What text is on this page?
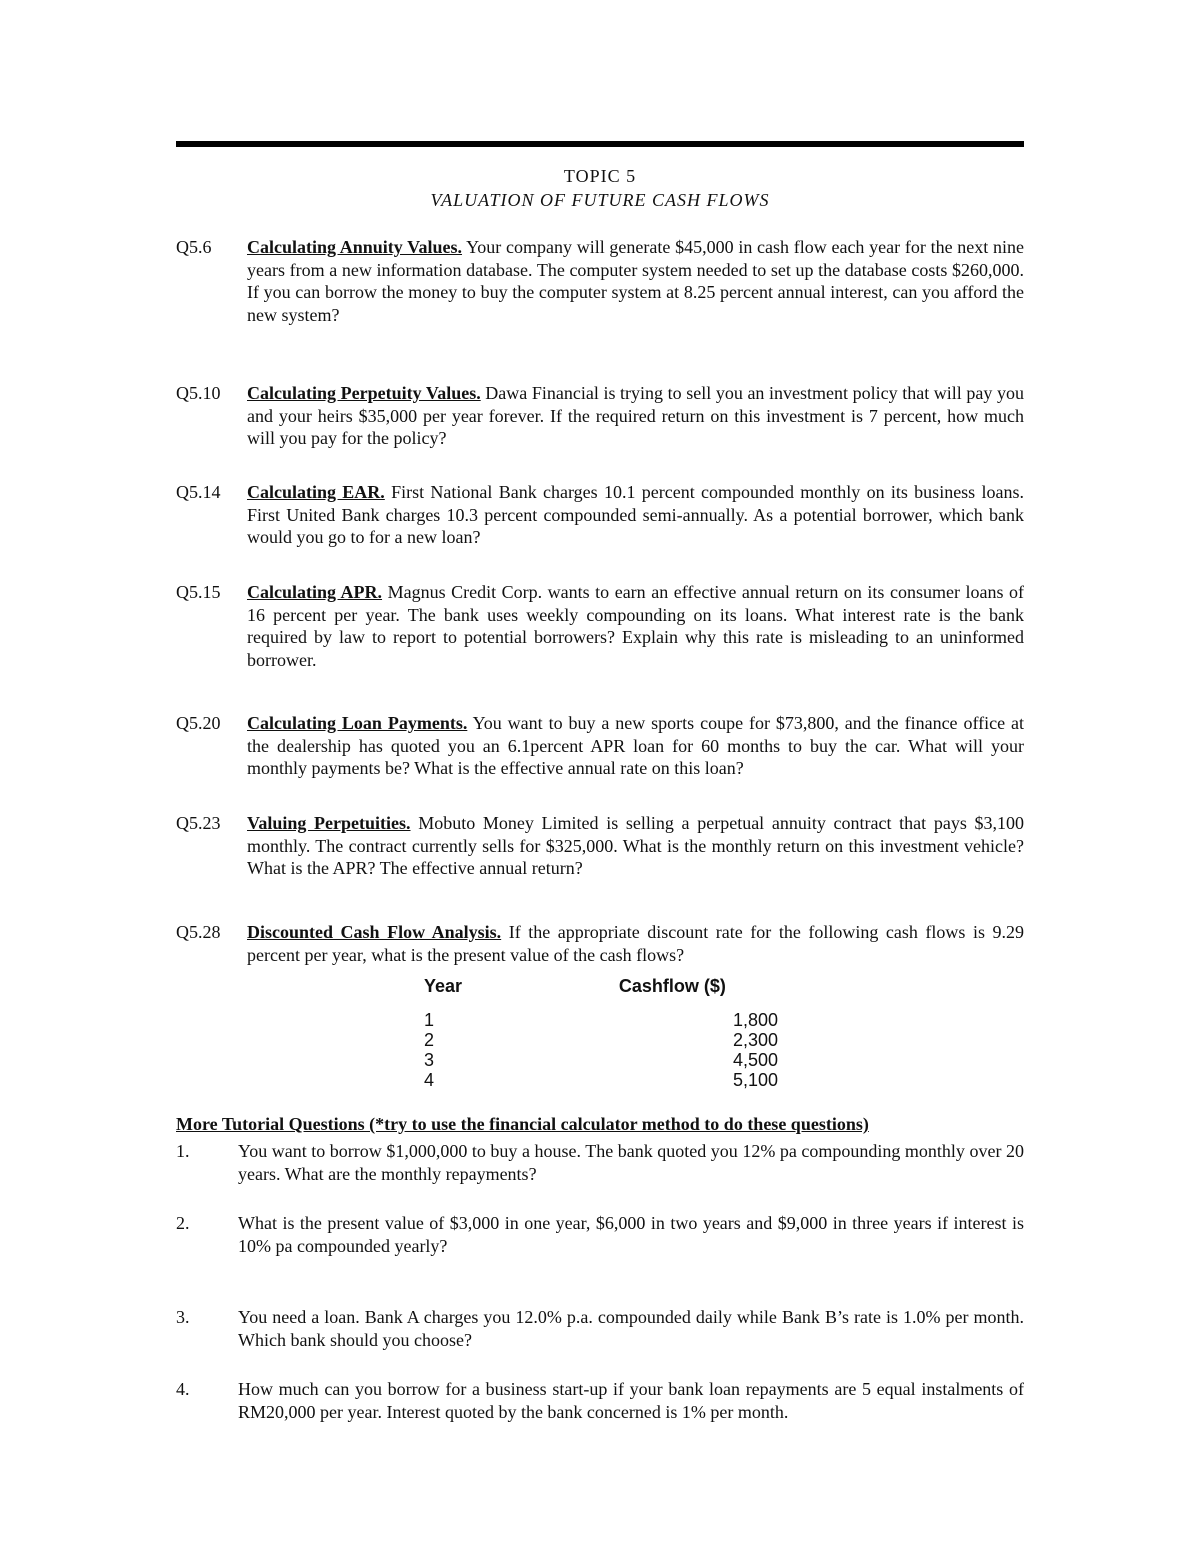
TOPIC 5
VALUATION OF FUTURE CASH FLOWS
Q5.6 Calculating Annuity Values. Your company will generate $45,000 in cash flow each year for the next nine years from a new information database. The computer system needed to set up the database costs $260,000. If you can borrow the money to buy the computer system at 8.25 percent annual interest, can you afford the new system?
Q5.10 Calculating Perpetuity Values. Dawa Financial is trying to sell you an investment policy that will pay you and your heirs $35,000 per year forever. If the required return on this investment is 7 percent, how much will you pay for the policy?
Q5.14 Calculating EAR. First National Bank charges 10.1 percent compounded monthly on its business loans. First United Bank charges 10.3 percent compounded semi-annually. As a potential borrower, which bank would you go to for a new loan?
Q5.15 Calculating APR. Magnus Credit Corp. wants to earn an effective annual return on its consumer loans of 16 percent per year. The bank uses weekly compounding on its loans. What interest rate is the bank required by law to report to potential borrowers? Explain why this rate is misleading to an uninformed borrower.
Q5.20 Calculating Loan Payments. You want to buy a new sports coupe for $73,800, and the finance office at the dealership has quoted you an 6.1percent APR loan for 60 months to buy the car. What will your monthly payments be? What is the effective annual rate on this loan?
Q5.23 Valuing Perpetuities. Mobuto Money Limited is selling a perpetual annuity contract that pays $3,100 monthly. The contract currently sells for $325,000. What is the monthly return on this investment vehicle? What is the APR? The effective annual return?
Q5.28 Discounted Cash Flow Analysis. If the appropriate discount rate for the following cash flows is 9.29 percent per year, what is the present value of the cash flows?
Year	Cashflow ($)
1	1,800
2	2,300
3	4,500
4	5,100
More Tutorial Questions (*try to use the financial calculator method to do these questions)
1.	You want to borrow $1,000,000 to buy a house. The bank quoted you 12% pa compounding monthly over 20 years. What are the monthly repayments?
2.	What is the present value of $3,000 in one year, $6,000 in two years and $9,000 in three years if interest is 10% pa compounded yearly?
3.	You need a loan. Bank A charges you 12.0% p.a. compounded daily while Bank B’s rate is 1.0% per month. Which bank should you choose?
4.	How much can you borrow for a business start-up if your bank loan repayments are 5 equal instalments of RM20,000 per year. Interest quoted by the bank concerned is 1% per month.
